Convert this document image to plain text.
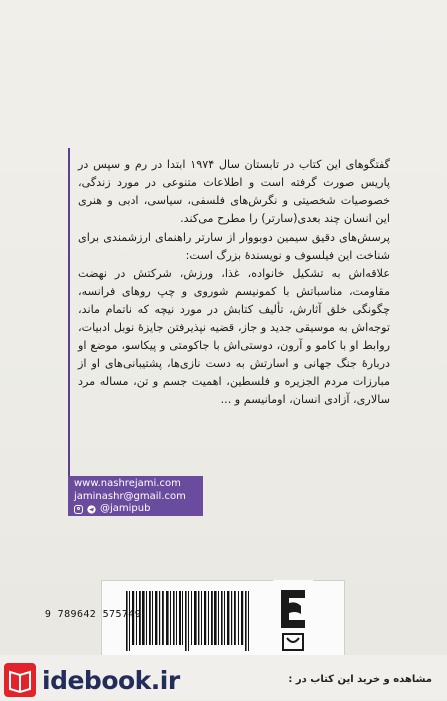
گفتگوهای این کتاب در تابستان سال ۱۹۷۴ ابتدا در رم و سپس در پاریس صورت گرفته است و اطلاعات متنوعی در مورد زندگی، خصوصیات شخصیتی و نگرش‌های فلسفی، سیاسی، ادبی و هنری این انسان چند بعدی(سارتر) را مطرح می‌کند.

پرسش‌های دقیق سیمین دوبووار از سارتر راهنمای ارزشمندی برای شناخت این فیلسوف و نویسندهٔ بزرگ است:

علاقه‌اش به تشکیل خانواده، غذا، ورزش، شرکتش در نهضت مقاومت، مناسباتش با کمونیسم شوروی و چپ روهای فرانسه، چگونگی خلق آثارش، تألیف کتابش در مورد نیچه که ناتمام ماند، توجه‌اش به موسیقی جدید و جاز، قضیه نپذیرفتن جایزهٔ نوبل ادبیات، روابط او با کامو و آرون، دوستی‌اش با جاکومتی و پیکاسو، موضع او دربارهٔ جنگ جهانی و اسارتش به دست نازی‌ها، پشتیبانی‌های او از مبارزات مردم الجزیره و فلسطین، اهمیت جسم و تن، مساله مرد سالاری، آزادی انسان، اومانیسم و ...

www.nashrejami.com
jaminashr@gmail.com
@jamipub
9 789642 575749
idebook.ir	مشاهده و خرید این کتاب در :
